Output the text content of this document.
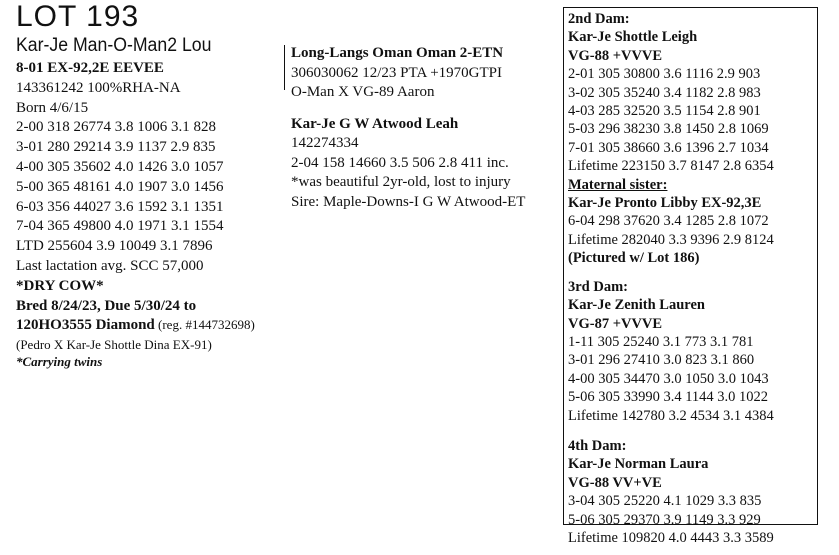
LOT 193
Kar-Je Man-O-Man2 Lou
8-01 EX-92,2E EEVEE
143361242 100%RHA-NA
Born 4/6/15
2-00 318 26774 3.8 1006 3.1 828
3-01 280 29214 3.9 1137 2.9 835
4-00 305 35602 4.0 1426 3.0 1057
5-00 365 48161 4.0 1907 3.0 1456
6-03 356 44027 3.6 1592 3.1 1351
7-04 365 49800 4.0 1971 3.1 1554
LTD 255604 3.9 10049 3.1 7896
Last lactation avg. SCC 57,000
*DRY COW*
Bred 8/24/23, Due 5/30/24 to
120HO3555 Diamond (reg. #144732698)
(Pedro X Kar-Je Shottle Dina EX-91)
*Carrying twins
Long-Langs Oman Oman 2-ETN
306030062 12/23 PTA +1970GTPI
O-Man X VG-89 Aaron
Kar-Je G W Atwood Leah
142274334
2-04 158 14660 3.5 506 2.8 411 inc.
*was beautiful 2yr-old, lost to injury
Sire: Maple-Downs-I G W Atwood-ET
2nd Dam:
Kar-Je Shottle Leigh
VG-88 +VVVE
2-01 305 30800 3.6 1116 2.9 903
3-02 305 35240 3.4 1182 2.8 983
4-03 285 32520 3.5 1154 2.8 901
5-03 296 38230 3.8 1450 2.8 1069
7-01 305 38660 3.6 1396 2.7 1034
Lifetime 223150 3.7 8147 2.8 6354
Maternal sister:
Kar-Je Pronto Libby EX-92,3E
6-04 298 37620 3.4 1285 2.8 1072
Lifetime 282040 3.3 9396 2.9 8124
(Pictured w/ Lot 186)
3rd Dam:
Kar-Je Zenith Lauren
VG-87 +VVVE
1-11 305 25240 3.1 773 3.1 781
3-01 296 27410 3.0 823 3.1 860
4-00 305 34470 3.0 1050 3.0 1043
5-06 305 33990 3.4 1144 3.0 1022
Lifetime 142780 3.2 4534 3.1 4384
4th Dam:
Kar-Je Norman Laura
VG-88 VV+VE
3-04 305 25220 4.1 1029 3.3 835
5-06 305 29370 3.9 1149 3.3 929
Lifetime 109820 4.0 4443 3.3 3589
